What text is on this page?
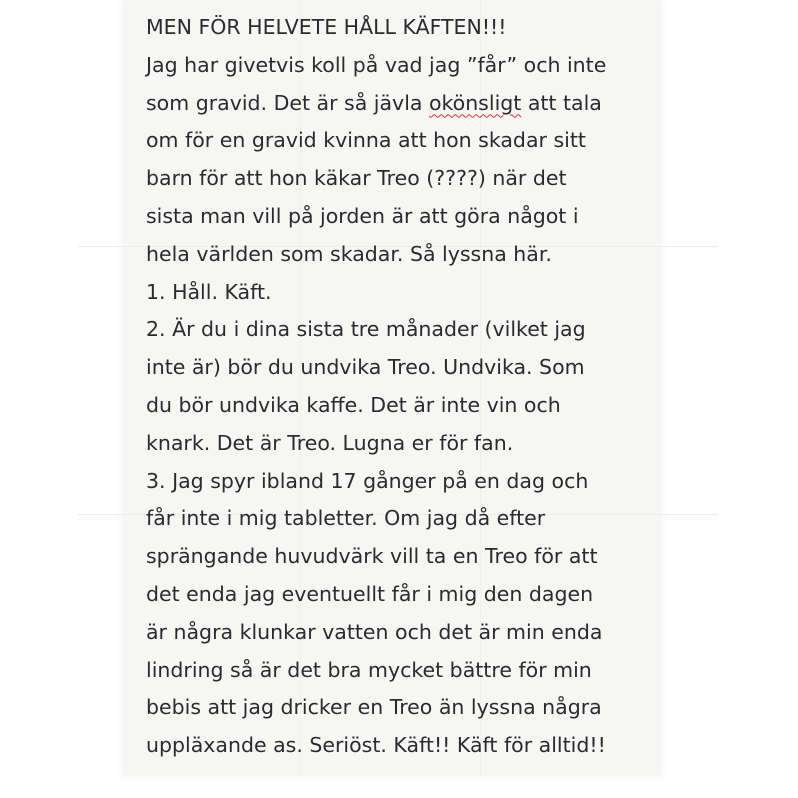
MEN FÖR HELVETE HÅLL KÄFTEN!!!
Jag har givetvis koll på vad jag ”får” och inte
som gravid. Det är så jävla okönsligt att tala
om för en gravid kvinna att hon skadar sitt
barn för att hon käkar Treo (????) när det
sista man vill på jorden är att göra något i
hela världen som skadar. Så lyssna här.
1. Håll. Käft.
2. Är du i dina sista tre månader (vilket jag
inte är) bör du undvika Treo. Undvika. Som
du bör undvika kaffe. Det är inte vin och
knark. Det är Treo. Lugna er för fan.
3. Jag spyr ibland 17 gånger på en dag och
får inte i mig tabletter. Om jag då efter
sprängande huvudvärk vill ta en Treo för att
det enda jag eventuellt får i mig den dagen
är några klunkar vatten och det är min enda
lindring så är det bra mycket bättre för min
bebis att jag dricker en Treo än lyssna några
uppläxande as. Seriöst. Käft!! Käft för alltid!!
